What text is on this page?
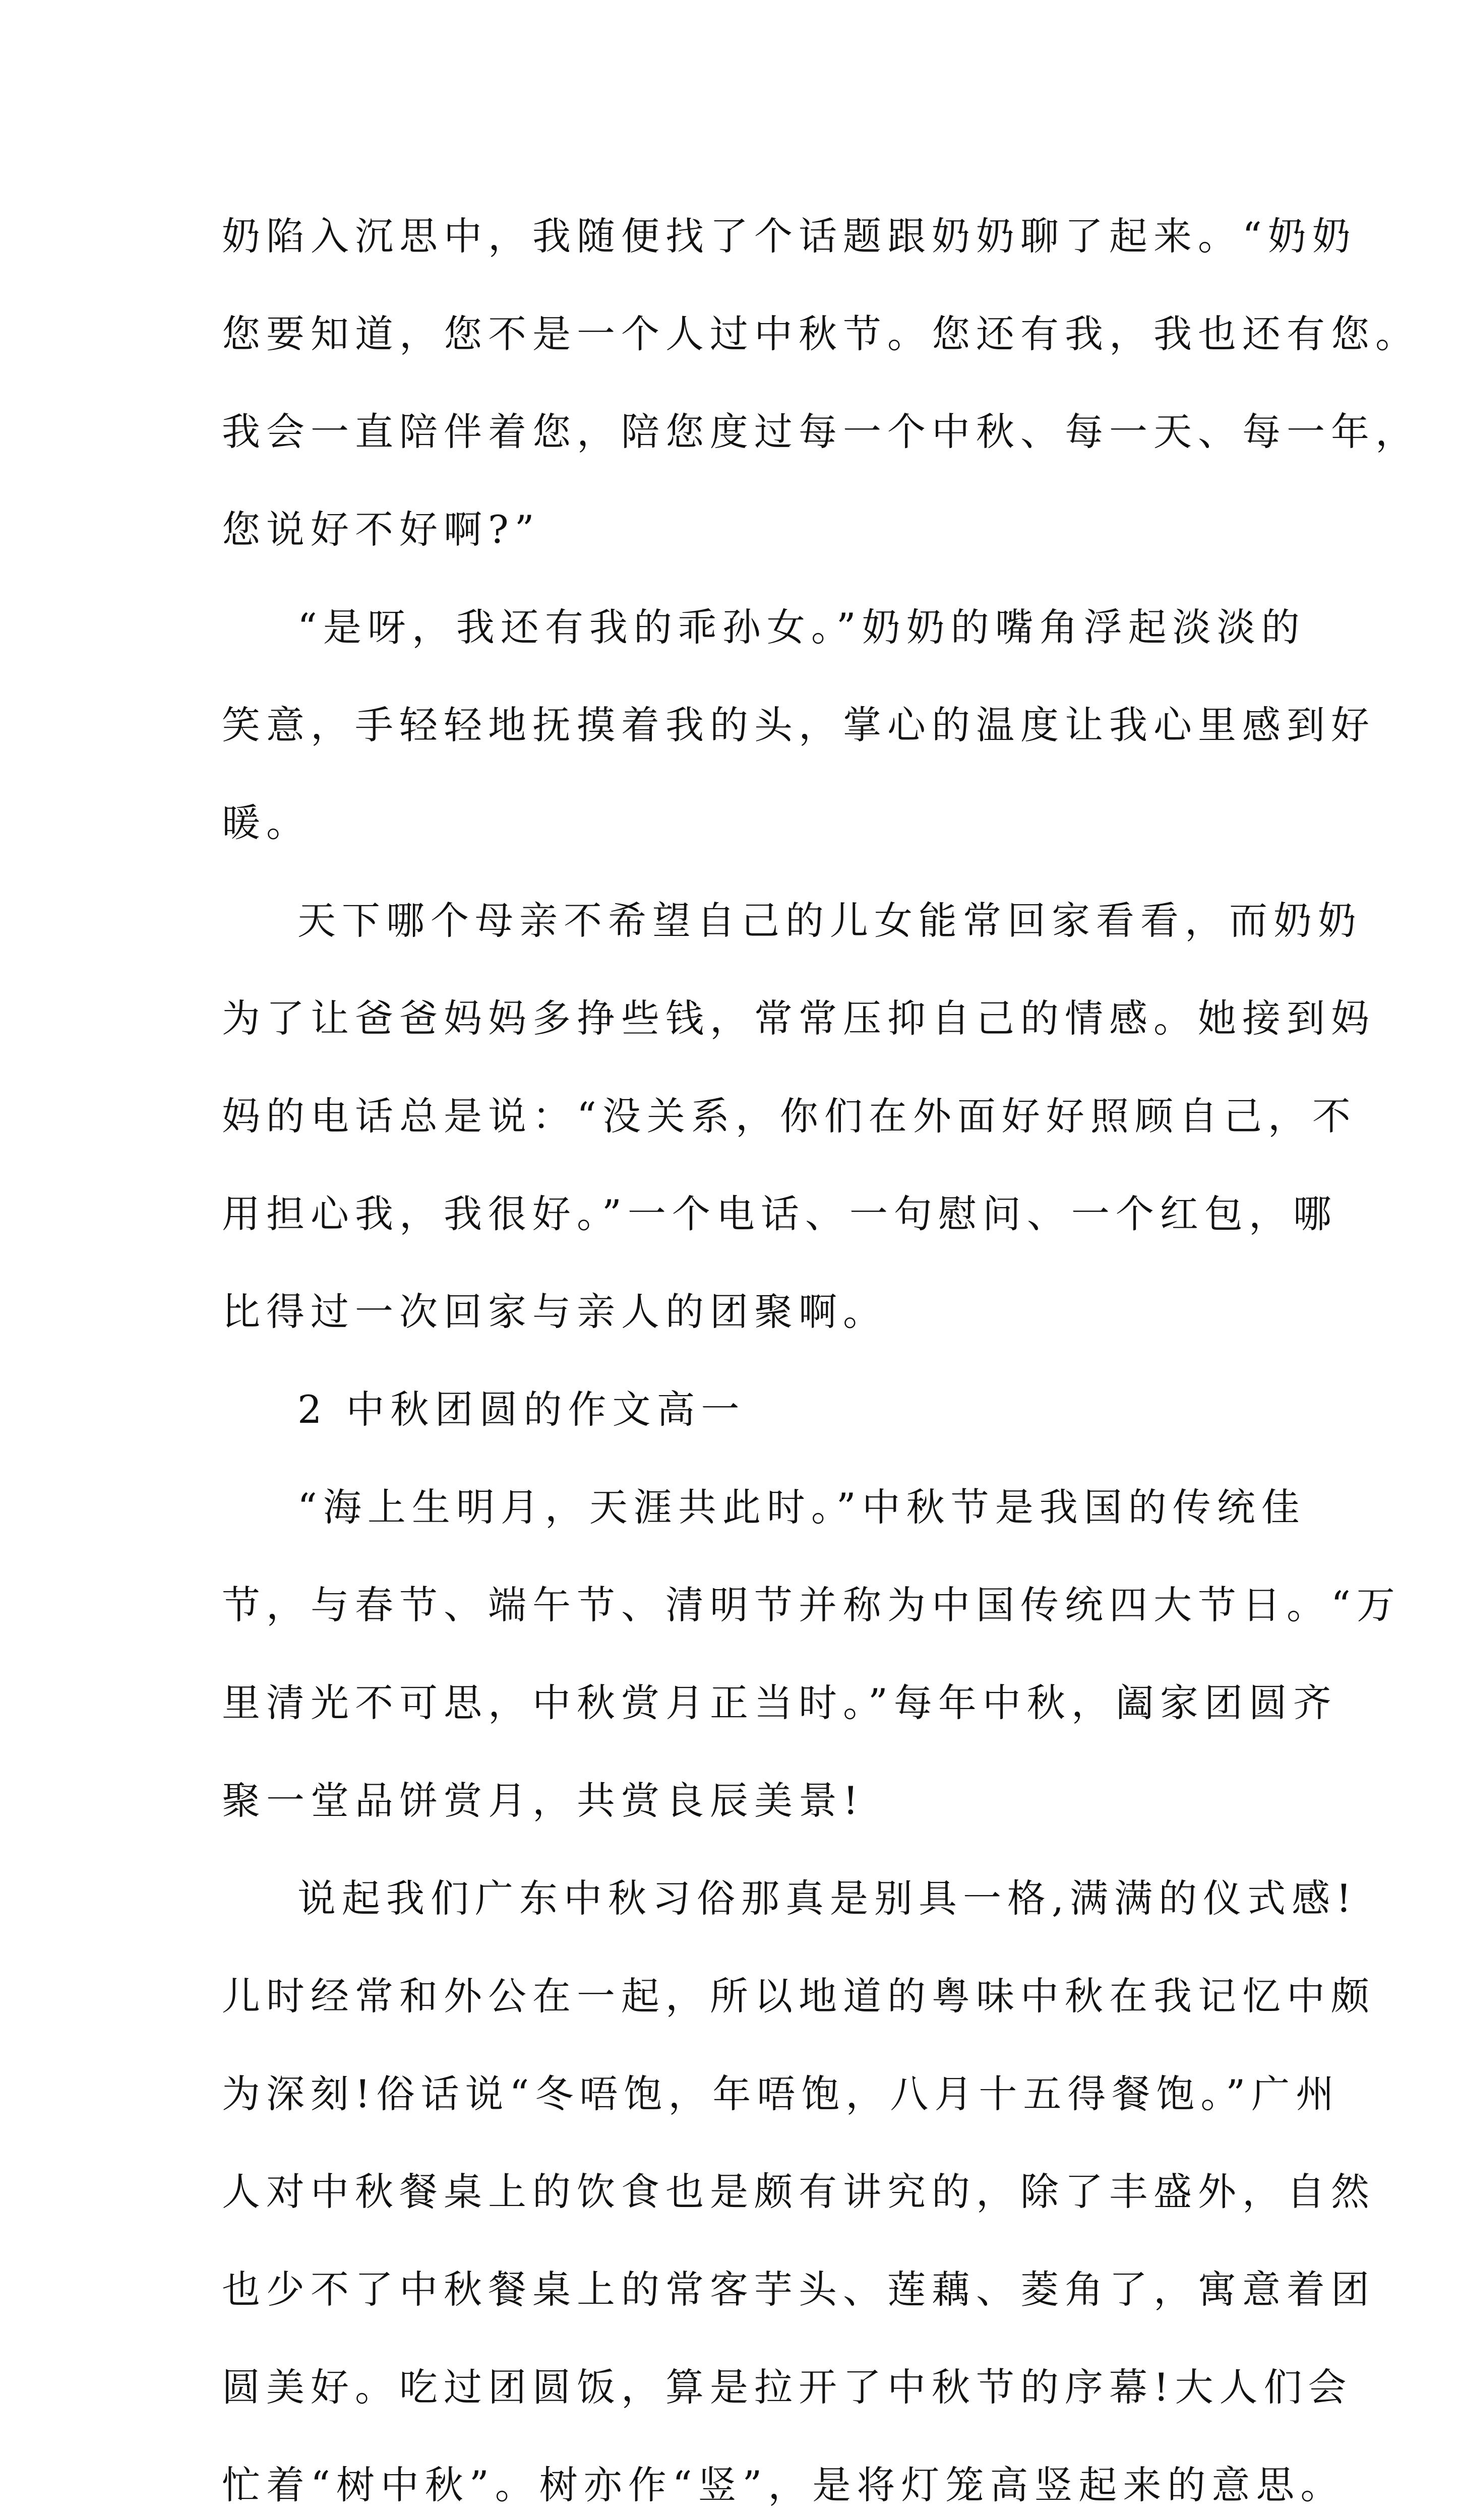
奶陷入沉思中，我随便找了个话题跟奶奶聊了起来。“奶奶
您要知道，您不是一个人过中秋节。您还有我，我也还有您。
我会一直陪伴着您，陪您度过每一个中秋、每一天、每一年，
您说好不好啊?”
“是呀，我还有我的乖孙女。”奶奶的嘴角浮起淡淡的
笑意，手轻轻地抚摸着我的头，掌心的温度让我心里感到好
暖。
天下哪个母亲不希望自己的儿女能常回家看看，而奶奶
为了让爸爸妈妈多挣些钱，常常压抑自己的情感。她接到妈
妈的电话总是说：“没关系，你们在外面好好照顾自己，不
用担心我，我很好。”一个电话、一句慰问、一个红包，哪
比得过一次回家与亲人的团聚啊。
2 中秋团圆的作文高一
“海上生明月，天涯共此时。”中秋节是我国的传统佳
节，与春节、端午节、清明节并称为中国传统四大节日。“万
里清光不可思，中秋赏月正当时。”每年中秋，阖家团圆齐
聚一堂品饼赏月，共赏良辰美景!
说起我们广东中秋习俗那真是别具一格,满满的仪式感!
儿时经常和外公在一起，所以地道的粤味中秋在我记忆中颇
为深刻!俗话说“冬唔饱，年唔饱，八月十五得餐饱。”广州
人对中秋餐桌上的饮食也是颇有讲究的，除了丰盛外，自然
也少不了中秋餐桌上的常客芋头、莲藕、菱角了，寓意着团
圆美好。吃过团圆饭，算是拉开了中秋节的序幕!大人们会
忙着“树中秋”。树亦作“竖”，是将灯笼高竖起来的意思。
